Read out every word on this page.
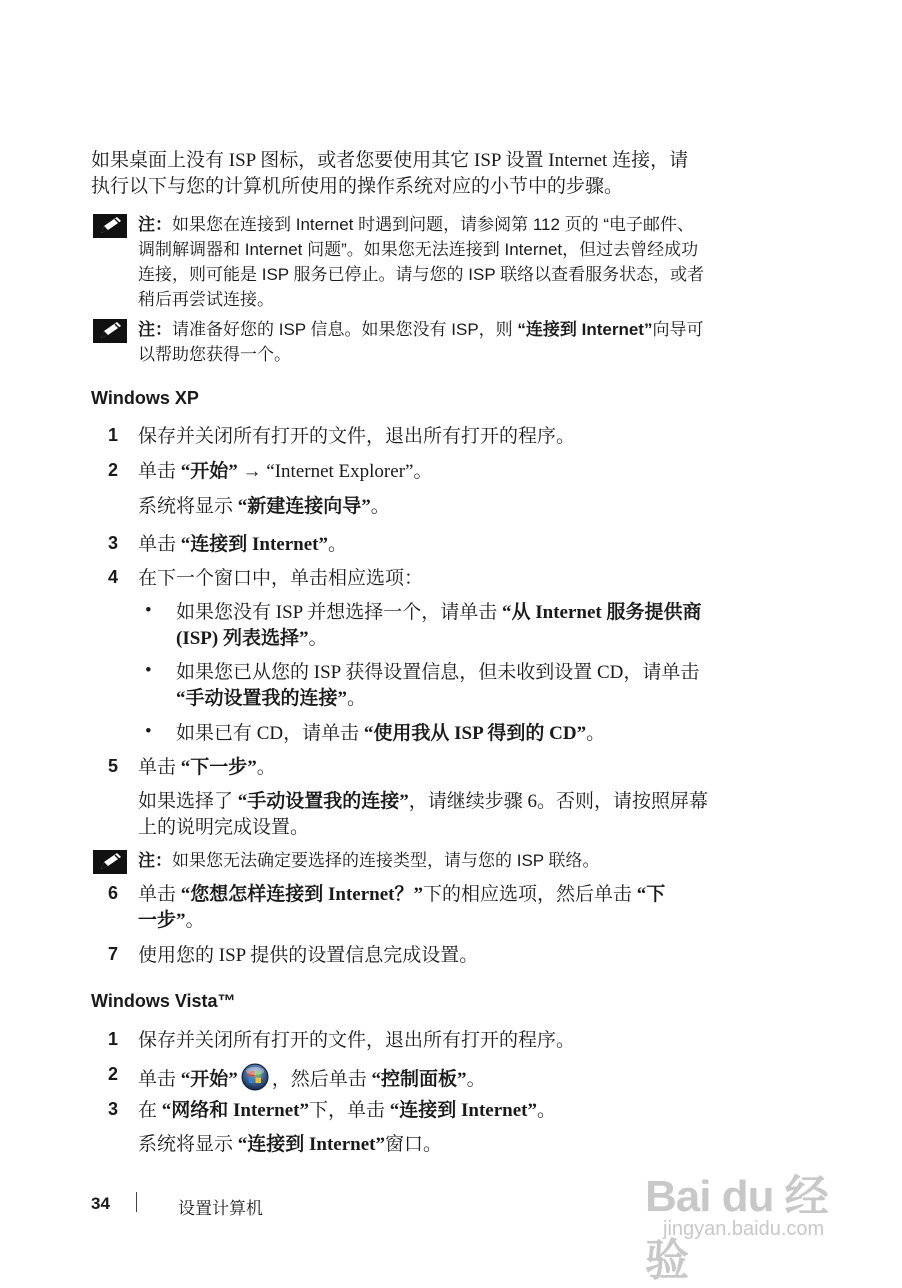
如果桌面上没有 ISP 图标，或者您要使用其它 ISP 设置 Internet 连接，请
执行以下与您的计算机所使用的操作系统对应的小节中的步骤。
注：如果您在连接到 Internet 时遇到问题，请参阅第 112 页的 “电子邮件、
调制解调器和 Internet 问题”。如果您无法连接到 Internet，但过去曾经成功
连接，则可能是 ISP 服务已停止。请与您的 ISP 联络以查看服务状态，或者
稍后再尝试连接。
注：请准备好您的 ISP 信息。如果您没有 ISP，则 “连接到 Internet”向导可
以帮助您获得一个。
Windows XP
1 保存并关闭所有打开的文件，退出所有打开的程序。
2 单击 “开始” → “Internet Explorer”。
系统将显示 “新建连接向导”。
3 单击 “连接到 Internet”。
4 在下一个窗口中，单击相应选项：
• 如果您没有 ISP 并想选择一个，请单击 “从 Internet 服务提供商
(ISP) 列表选择”。
• 如果您已从您的 ISP 获得设置信息，但未收到设置 CD，请单击
“手动设置我的连接”。
• 如果已有 CD，请单击 “使用我从 ISP 得到的 CD”。
5 单击 “下一步”。
如果选择了 “手动设置我的连接”，请继续步骤 6。否则，请按照屏幕
上的说明完成设置。
注：如果您无法确定要选择的连接类型，请与您的 ISP 联络。
6 单击 “您想怎样连接到 Internet？”下的相应选项，然后单击 “下
一步”。
7 使用您的 ISP 提供的设置信息完成设置。
Windows Vista™
1 保存并关闭所有打开的文件，退出所有打开的程序。
2 单击 “开始” ，然后单击 “控制面板”。
3 在 “网络和 Internet”下，单击 “连接到 Internet”。
系统将显示 “连接到 Internet”窗口。
34	设置计算机	Bai du 经验
jingyan.baidu.com
